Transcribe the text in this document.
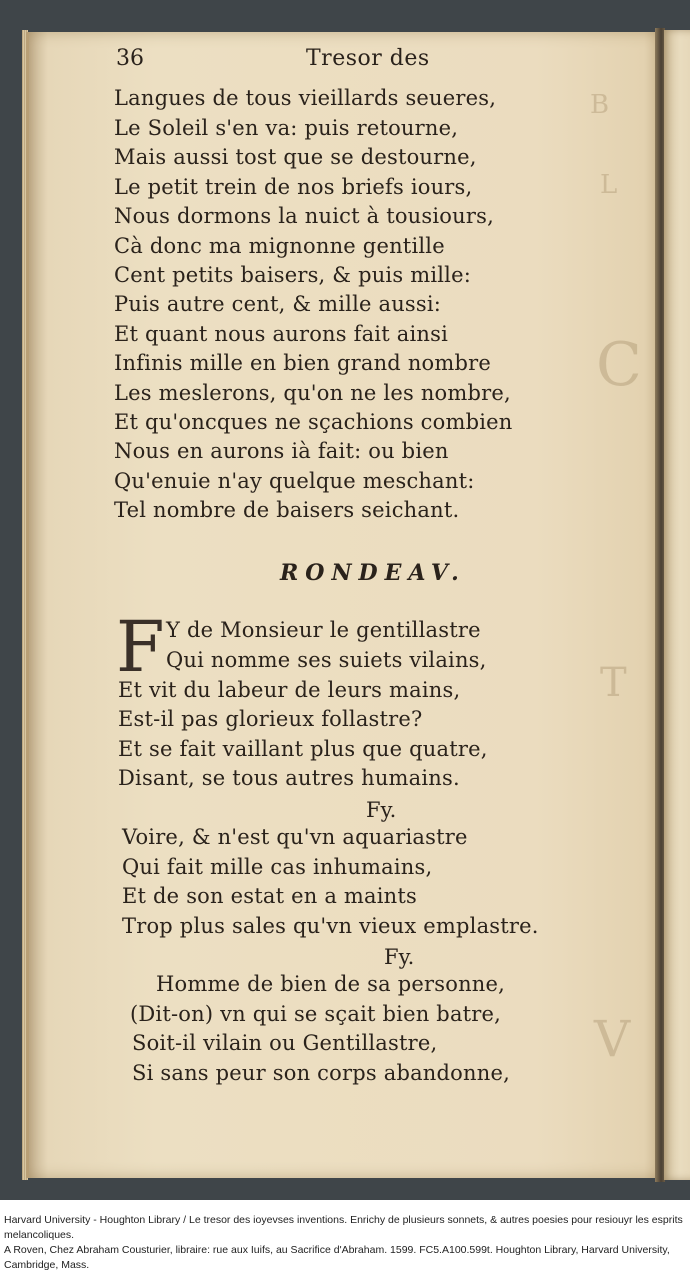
B
L
C
T
V
36	Tresor des
Langues de tous vieillards seueres,
Le Soleil s'en va: puis retourne,
Mais aussi tost que se destourne,
Le petit trein de nos briefs iours,
Nous dormons la nuict à tousiours,
Cà donc ma mignonne gentille
Cent petits baisers, & puis mille:
Puis autre cent, & mille aussi:
Et quant nous aurons fait ainsi
Infinis mille en bien grand nombre
Les meslerons, qu'on ne les nombre,
Et qu'oncques ne sçachions combien
Nous en aurons ià fait: ou bien
Qu'enuie n'ay quelque meschant:
Tel nombre de baisers seichant.
RONDEAV.
F Y de Monsieur le gentillastre
Qui nomme ses suiets vilains,
Et vit du labeur de leurs mains,
Est-il pas glorieux follastre?
Et se fait vaillant plus que quatre,
Disant, se tous autres humains.
Fy.
Voire, & n'est qu'vn aquariastre
Qui fait mille cas inhumains,
Et de son estat en a maints
Trop plus sales qu'vn vieux emplastre.
Fy.
Homme de bien de sa personne,
(Dit-on) vn qui se sçait bien batre,
Soit-il vilain ou Gentillastre,
Si sans peur son corps abandonne,
Harvard University - Houghton Library / Le tresor des ioyevses inventions. Enrichy de plusieurs sonnets, & autres poesies pour resiouyr les esprits melancoliques.
A Roven, Chez Abraham Cousturier, libraire: rue aux Iuifs, au Sacrifice d'Abraham. 1599. FC5.A100.599t. Houghton Library, Harvard University, Cambridge, Mass.
